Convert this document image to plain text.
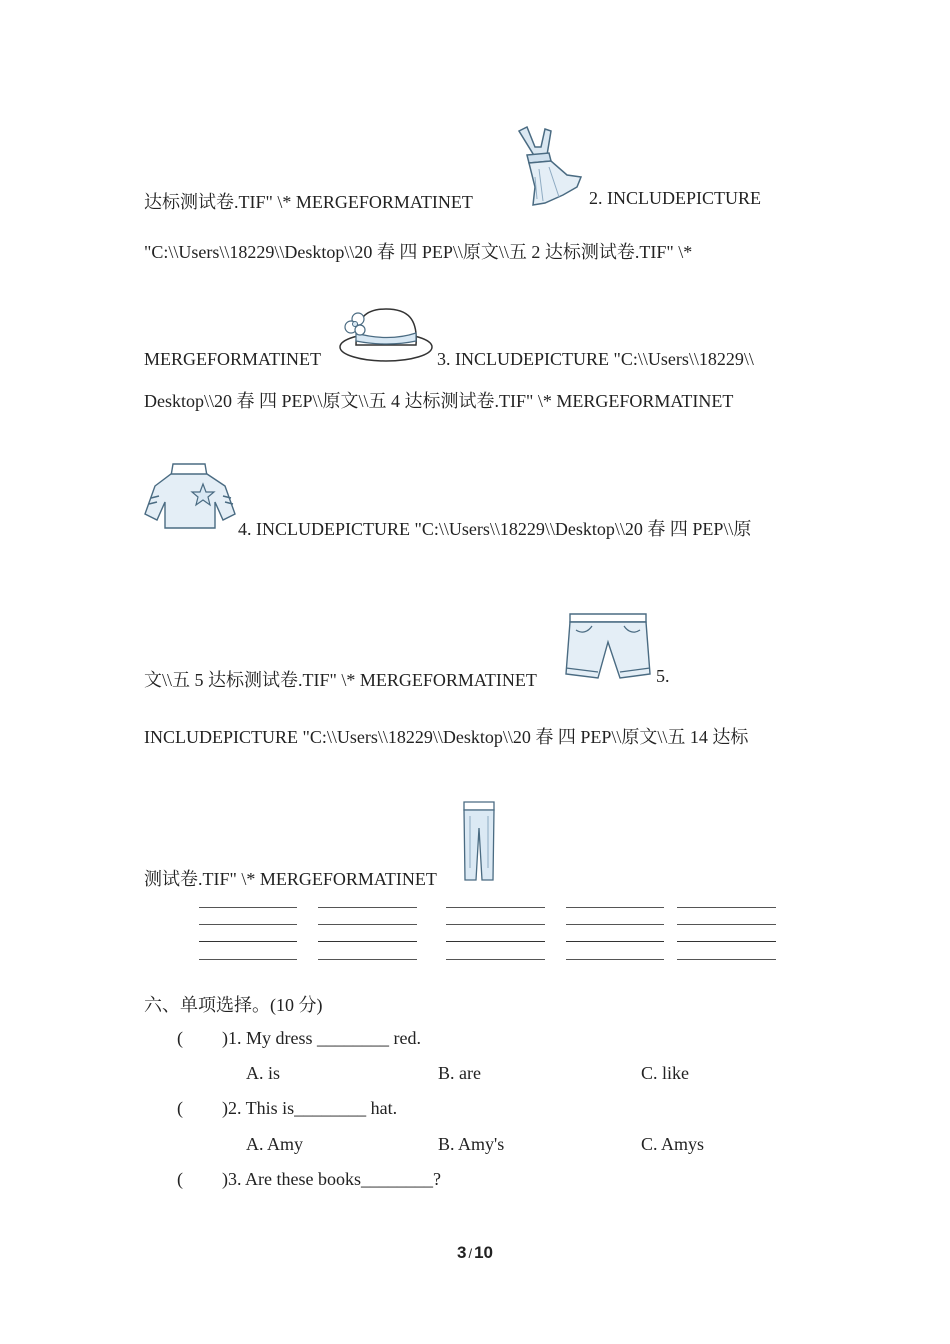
达标测试卷.TIF" \* MERGEFORMATINET	2. INCLUDEPICTURE
"C:\\Users\\18229\\Desktop\\20 春 四 PEP\\原文\\五 2 达标测试卷.TIF" \*
MERGEFORMATINET	3. INCLUDEPICTURE "C:\\Users\\18229\\
Desktop\\20 春 四 PEP\\原文\\五 4 达标测试卷.TIF" \* MERGEFORMATINET
4. INCLUDEPICTURE "C:\\Users\\18229\\Desktop\\20 春 四 PEP\\原
文\\五 5 达标测试卷.TIF" \* MERGEFORMATINET	5.
INCLUDEPICTURE "C:\\Users\\18229\\Desktop\\20 春 四 PEP\\原文\\五 14 达标
测试卷.TIF" \* MERGEFORMATINET
六、单项选择。(10 分)
( )1. My dress ________ red.
A. is	B. are	C. like
( )2. This is________ hat.
A. Amy	B. Amy's	C. Amys
( )3. Are these books________?
3 / 10
